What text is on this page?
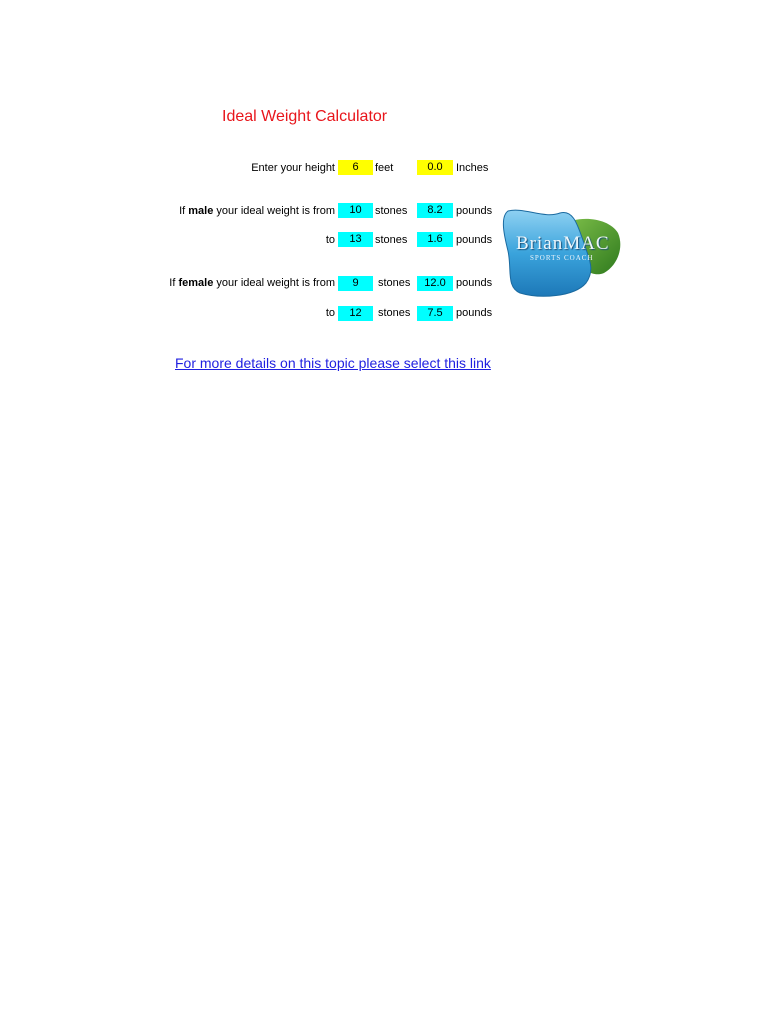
Ideal Weight Calculator
Enter your height	6	feet	0.0	Inches
If male your ideal weight is from	10	stones	8.2	pounds
to	13	stones	1.6	pounds
If female your ideal weight is from	9	stones	12.0 pounds
to	12	stones	7.5	pounds
For more details on this topic please select this link
BrianMAC
SPORTS COACH
